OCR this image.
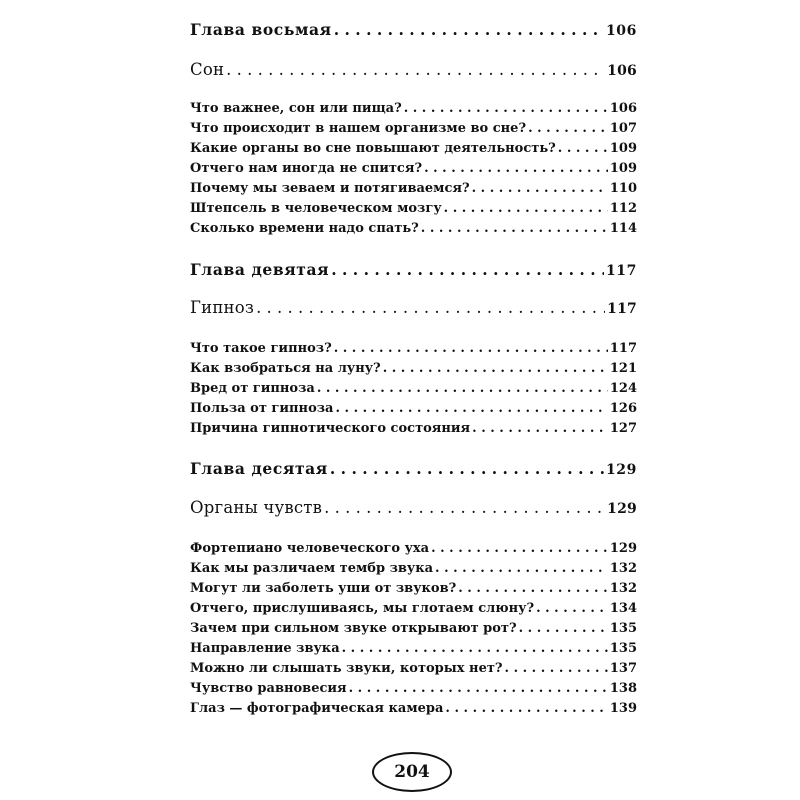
Глава восьмая . . .	106
Сон . . .	106
Что важнее, сон или пища? . . .	106
Что происходит в нашем организме во сне? . . .	107
Какие органы во сне повышают деятельность? . . .	109
Отчего нам иногда не спится? . . .	109
Почему мы зеваем и потягиваемся? . . .	110
Штепсель в человеческом мозгу . . .	112
Сколько времени надо спать? . . .	114
Глава девятая . . .	117
Гипноз . . .	117
Что такое гипноз? . . .	117
Как взобраться на луну? . . .	121
Вред от гипноза . . .	124
Польза от гипноза . . .	126
Причина гипнотического состояния . . .	127
Глава десятая . . .	129
Органы чувств . . .	129
Фортепиано человеческого уха . . .	129
Как мы различаем тембр звука . . .	132
Могут ли заболеть уши от звуков? . . .	132
Отчего, прислушиваясь, мы глотаем слюну? . . .	134
Зачем при сильном звуке открывают рот? . . .	135
Направление звука . . .	135
Можно ли слышать звуки, которых нет? . . .	137
Чувство равновесия . . .	138
Глаз — фотографическая камера . . .	139
204
